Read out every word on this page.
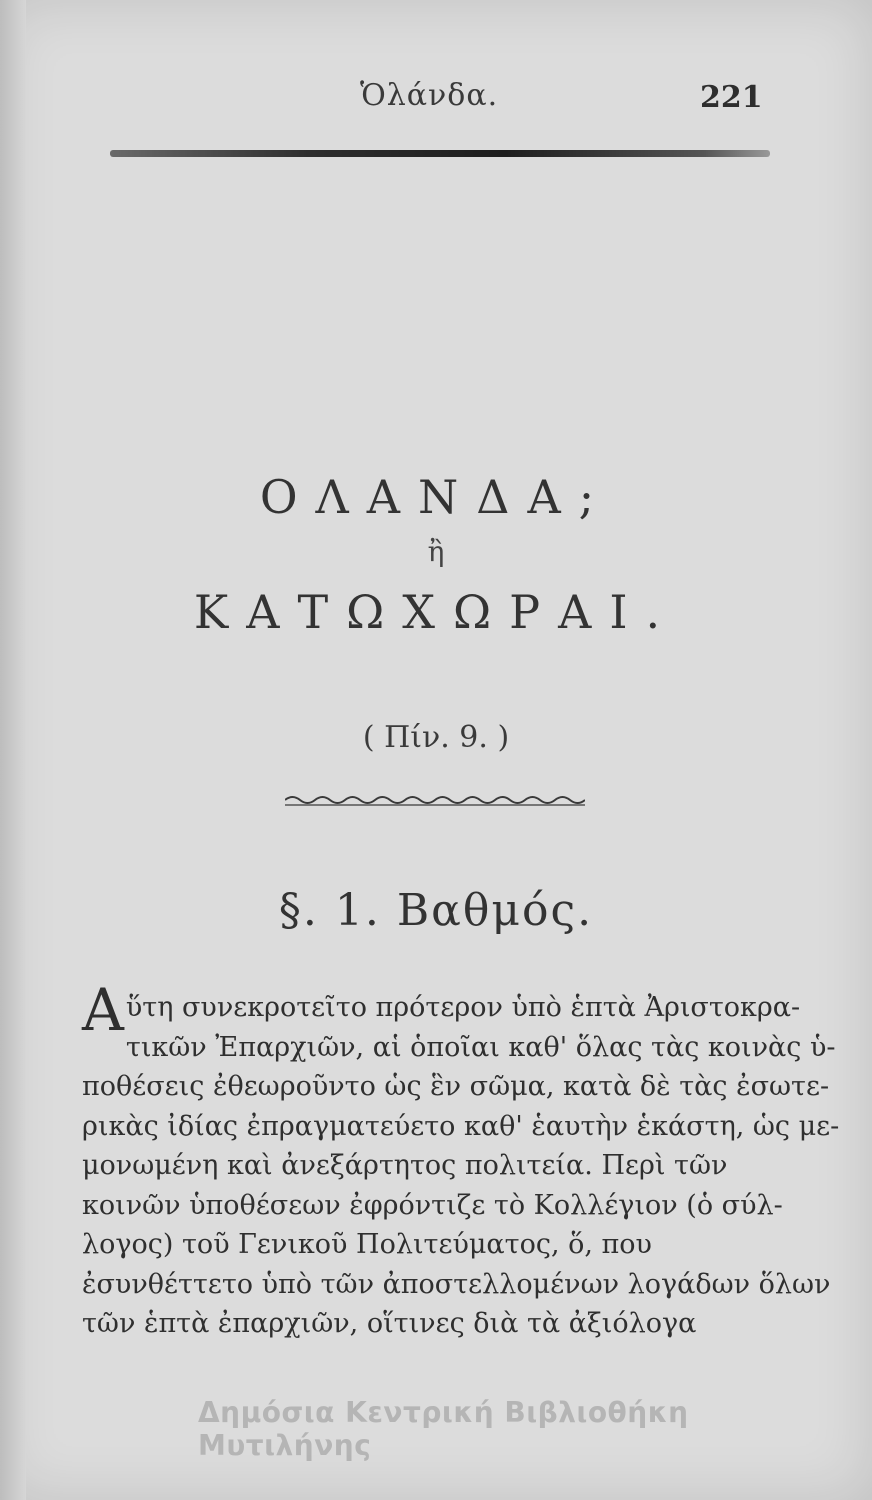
Ὁλάνδα.	221
ΟΛΑΝΔΑ;
ἢ
ΚΑΤΩΧΩΡΑΙ.
( Πίν. 9. )
§. 1. Βαθμός.
Α ὕτη συνεκροτεῖτο πρότερον ὑπὸ ἑπτὰ Ἀριστοκρα-
τικῶν Ἐπαρχιῶν, αἱ ὁποῖαι καθ' ὅλας τὰς κοινὰς ὑ-
ποθέσεις ἐθεωροῦντο ὡς ἓν σῶμα, κατὰ δὲ τὰς ἐσωτε-
ρικὰς ἰδίας ἐπραγματεύετο καθ' ἑαυτὴν ἑκάστη, ὡς με-
μονωμένη καὶ ἀνεξάρτητος πολιτεία. Περὶ τῶν
κοινῶν ὑποθέσεων ἐφρόντιζε τὸ Κολλέγιον (ὁ σύλ-
λογος) τοῦ Γενικοῦ Πολιτεύματος, ὅ, που
ἐσυνθέττετο ὑπὸ τῶν ἀποστελλομένων λογάδων ὅλων
τῶν ἑπτὰ ἐπαρχιῶν, οἵτινες διὰ τὰ ἀξιόλογα
Δημόσια Κεντρική Βιβλιοθήκη Μυτιλήνης
